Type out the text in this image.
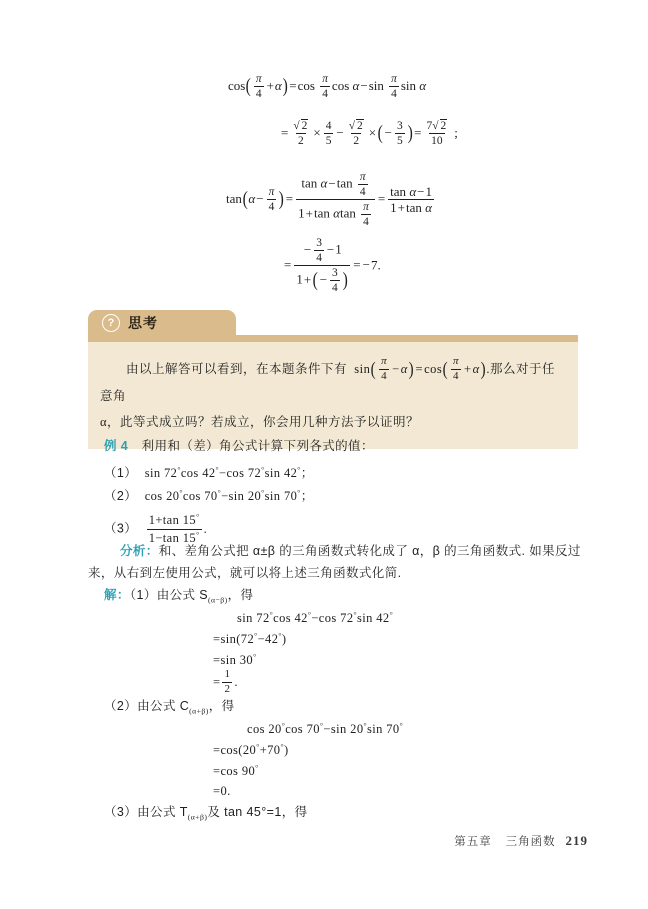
$\cos( \frac{\pi}{4} +\alpha) =\cos \frac{\pi}{4}$ $\cos \alpha-\sin \frac{\pi}{4}$ sin α
= $\frac{√ 2}{2} \times \frac{4}{5} - \frac{√ 2}{2}$ ×( − $\frac{3}{5}$ ) = $\frac{7√ 2}{10}$ ;
$\tan(\alpha- \frac{\pi}{4}$ ) = $\frac{\tan \alpha-\tan \frac{\pi}{4}}{1+\tan \alpha\tan \frac{\pi}{4}} = \frac{\text{tan α−1}}{\text{1+tan α}}$
= $\frac{- \frac{3}{4} -1}{1+( - \frac{3}{4} )} = -7$.
? 思考
由以上解答可以看到，在本题条件下有  $\sin( \frac{\pi}{4} -\alpha) =\cos( \frac{\pi}{4} +\alpha)$.那么对于任意角
α，此等式成立吗？若成立，你会用几种方法予以证明？
例 4 利用和（差）角公式计算下列各式的值：
（1） sin 72°cos 42°−cos 72°sin 42°；
（2） cos 20°cos 70°−sin 20°sin 70°；
$(3) \frac{1+\tan 15^\circ}{1-\tan 15^\circ}$ .
分析：和、差角公式把 α±β 的三角函数式转化成了 α，β 的三角函数式. 如果反过
来，从右到左使用公式，就可以将上述三角函数式化简.
解：（1）由公式 $S_{(\alpha-\beta)}$，得
sin 72°cos 42°−cos 72°sin 42°
=sin(72°−42°)
=sin 30°
= $\frac{1}{2}$ .
（2）由公式 $C_{(\alpha+\beta)}$，得
cos 20°cos 70°−sin 20°sin 70°
=cos(20°+70°)
=cos 90°
=0.
（3）由公式 $T_{(\alpha+\beta)}$及 tan 45°=1，得
第五章 三角函数 219
